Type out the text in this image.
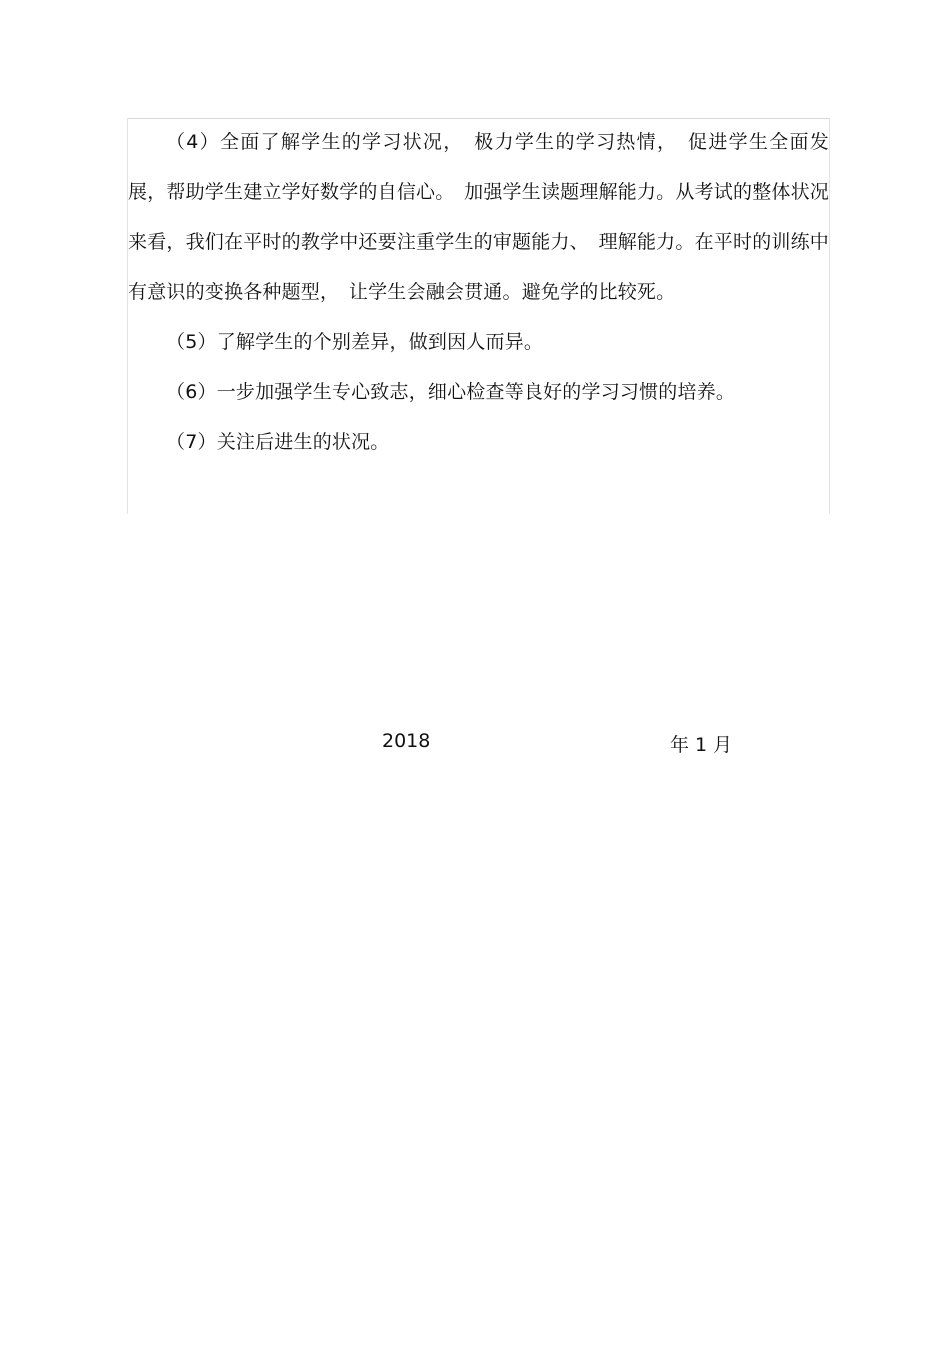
（4）全面了解学生的学习状况，　极力学生的学习热情，　促进学生全面发展，帮助学生建立学好数学的自信心。　加强学生读题理解能力。从考试的整体状况来看，我们在平时的教学中还要注重学生的审题能力、　理解能力。在平时的训练中有意识的变换各种题型，　让学生会融会贯通。避免学的比较死。

（5）了解学生的个别差异，做到因人而异。

（6）一步加强学生专心致志，细心检查等良好的学习习惯的培养。

（7）关注后进生的状况。

2018	年 1 月
